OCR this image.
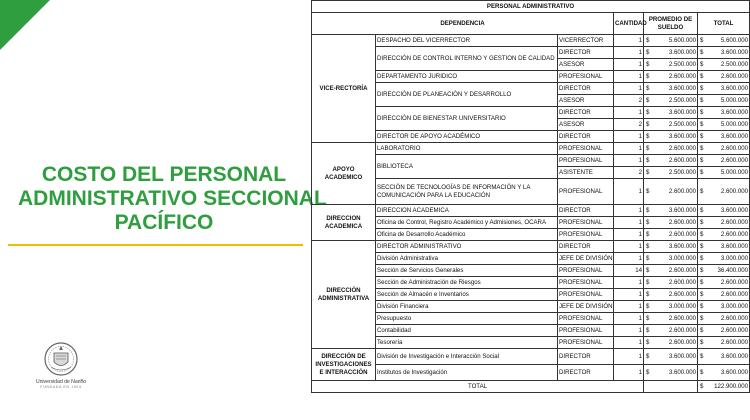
COSTO DEL PERSONAL
ADMINISTRATIVO SECCIONAL
PACÍFICO
Universidad de Nariño
FUNDADA EN 1904
PERSONAL ADMINISTRATIVO					
DEPENDENCIA			CANTIDAD	PROMEDIO DE SUELDO	TOTAL
VICE-RECTORÍA	DESPACHO DEL VICERRECTOR	VICERRECTOR	1	$ 5.600.000	$ 5.600.000

	DIRECCIÓN DE CONTROL INTERNO Y GESTION DE CALIDAD	DIRECTOR	1	$ 3.600.000	$ 3.600.000

		ASESOR	1	$ 2.500.000	$ 2.500.000

	DEPARTAMENTO JURIDICO	PROFESIONAL	1	$ 2.600.000	$ 2.600.000

	DIRECCIÓN DE PLANEACIÓN Y DESARROLLO	DIRECTOR	1	$ 3.600.000	$ 3.600.000

		ASESOR	2	$ 2.500.000	$ 5.000.000

	DIRECCIÓN DE BIENESTAR UNIVERSITARIO	DIRECTOR	1	$ 3.600.000	$ 3.600.000

		ASESOR	2	$ 2.500.000	$ 5.000.000

	DIRECTOR DE APOYO ACADÉMICO	DIRECTOR	1	$ 3.600.000	$ 3.600.000

APOYO ACADEMICO	LABORATORIO	PROFESIONAL	1	$ 2.600.000	$ 2.600.000

	BIBLIOTECA	PROFESIONAL	1	$ 2.600.000	$ 2.600.000

		ASISTENTE	2	$ 2.500.000	$ 5.000.000

	SECCIÓN DE TECNOLOGÍAS DE INFORMACIÓN Y LA COMUNICACIÓN PARA LA EDUCACIÓN	PROFESIONAL	1	$ 2.600.000	$ 2.600.000

DIRECCION ACADEMICA	DIRECCION ACADEMICA	DIRECTOR	1	$ 3.600.000	$ 3.600.000

	Oficina de Control, Registro Académico y Admisiones, OCARA	PROFESIONAL	1	$ 2.600.000	$ 2.600.000

	Oficina de Desarrollo Académico	PROFESIONAL	1	$ 2.600.000	$ 2.600.000

DIRECCIÓN ADMINISTRATIVA	DIRECTOR ADMINISTRATIVO	DIRECTOR	1	$ 3.600.000	$ 3.600.000

	División Administrativa	JEFE DE DIVISIÓN	1	$ 3.000.000	$ 3.000.000

	Sección de Servicios Generales	PROFESIONAL	14	$ 2.600.000	$ 36.400.000

	Sección de Administración de Riesgos	PROFESIONAL	1	$ 2.600.000	$ 2.600.000

	Sección de Almacén e Inventarios	PROFESIONAL	1	$ 2.600.000	$ 2.600.000

	División Financiera	JEFE DE DIVISIÓN	1	$ 3.000.000	$ 3.000.000

	Presupuesto	PROFESIONAL	1	$ 2.600.000	$ 2.600.000

	Contabilidad	PROFESIONAL	1	$ 2.600.000	$ 2.600.000

	Tesorería	PROFESIONAL	1	$ 2.600.000	$ 2.600.000

DIRECCIÓN DE INVESTIGACIONES E INTERACCIÓN	División de Investigación e Interacción Social	DIRECTOR	1	$ 3.600.000	$ 3.600.000

	Institutos de Investigación	DIRECTOR	1	$ 3.600.000	$ 3.600.000

TOTAL					$ 122.900.000
